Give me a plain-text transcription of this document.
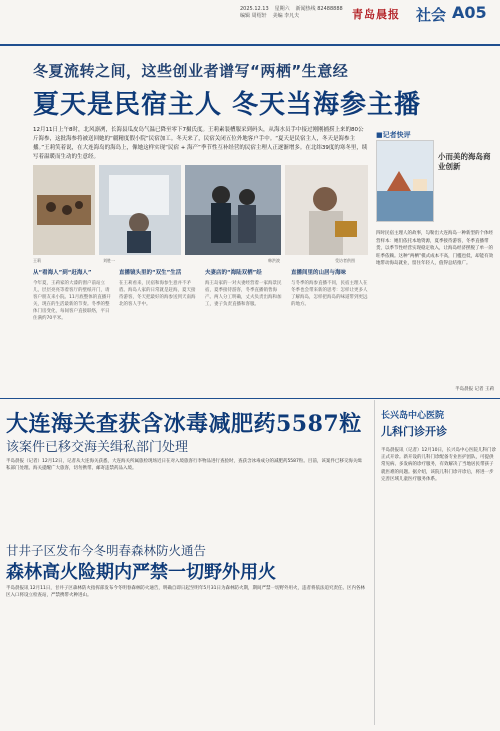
2025.12.13 星期六 新闻热线 82488888
编辑 周绍轩 美编 李凡夫	青岛晨报 社会 A05
冬夏流转之间，这些创业者谱写“两栖”生意经
夏天是民宿主人 冬天当海参主播
12月11日上午8时，北风凛冽，长海县瓜皮岛气温已降至零下7摄氏度。王莉素装槽服采到码头，从海水员手中接过刚刚捕捞上来的80公斤海参，这批海参将被送回她的“疆精度假小院”民宿加工。冬天来了，民宿关闭五位外地客户手中。“夏天是民宿主人，冬天是海参主播。”王莉笑着说，在大连海岛的海岛上，像她这样实现“民宿 + 海产”季节性互补经营的民宿主理人正逐渐增多。在北纬39度的寒冬里，续写着温暖而生动的生意经。
王莉	刘胜一	韩洪波	受访者供图
从“看海人”到“赶海人”	直播镜头里的“双生”生活	夫妻店的“海陆双栖”经	直播间里的山居与海味

今年夏，王莉家的大漆的窗户前站立儿，层层亮亮等着客厅的壁纸开门，请客户朋友来小院。11月底整体的直播开关，现在的生活最新的节奏。冬季的整体门房变化，每间客户直接联络，平日住满约70平米。

在王莉看来，民宿和海参生意并不矛盾。海岛人家的日常就是赶海，夏天接待游客，冬天把最好的海参送到天南海北的客人手中。

海王岛家的一对夫妻经营着一家海景民宿，夏季接待游客，冬季直播销售海产。两人分工明确，丈夫负责出海和加工，妻子负责直播和客服。

与冬季的海参直播不同，民宿主理人在冬季也会带来新的思考：怎样让更多人了解海岛，怎样把海岛的味道带到更远的地方。

■记者快评
小而美的海岛商业创新
四时民宿主理人的故事，勾勒出大连海岛一种新型的个体经营样本：她们依托本地资源，夏季接待游客，冬季直播带货，以季节性经营实现稳定收入，让海岛经济摆脱了单一的旺季依赖。这种“两栖”模式成本不高，门槛也低，却能有效地带动海岛就业，留住年轻人，值得总结推广。
半岛晨报 记者 王莉
大连海关查获含冰毒减肥药5587粒
该案件已移交海关缉私部门处理
半岛晨报（记者）12月12日，记者从大连海关获悉，大连海关所属旅检现场近日在对入境旅客行李物品进行查验时，查获含冰毒成分的减肥药5587粒。目前，该案件已移交海关缉私部门处理。海关提醒广大旅客，切勿携带、邮寄违禁药品入境。
甘井子区发布今冬明春森林防火通告
森林高火险期内严禁一切野外用火
半岛晨报讯 12月11日，甘井子区森林防火指挥部发布今冬明春森林防火通告，明确自即日起至明年5月31日为森林防火期，期间严禁一切野外用火，违者将依法追究责任。区内各林区入口将设立检查站，严禁携带火种进山。
长兴岛中心医院
儿科门诊开诊
半岛晨报讯（记者）12月10日，长兴岛中心医院儿科门诊正式开诊。新开设的儿科门诊配备专业医护团队，可提供常见病、多发病的诊疗服务，有效解决了当地居民带孩子就医难的问题。据介绍，该院儿科门诊开诊后，将进一步完善区域儿童医疗服务体系。
